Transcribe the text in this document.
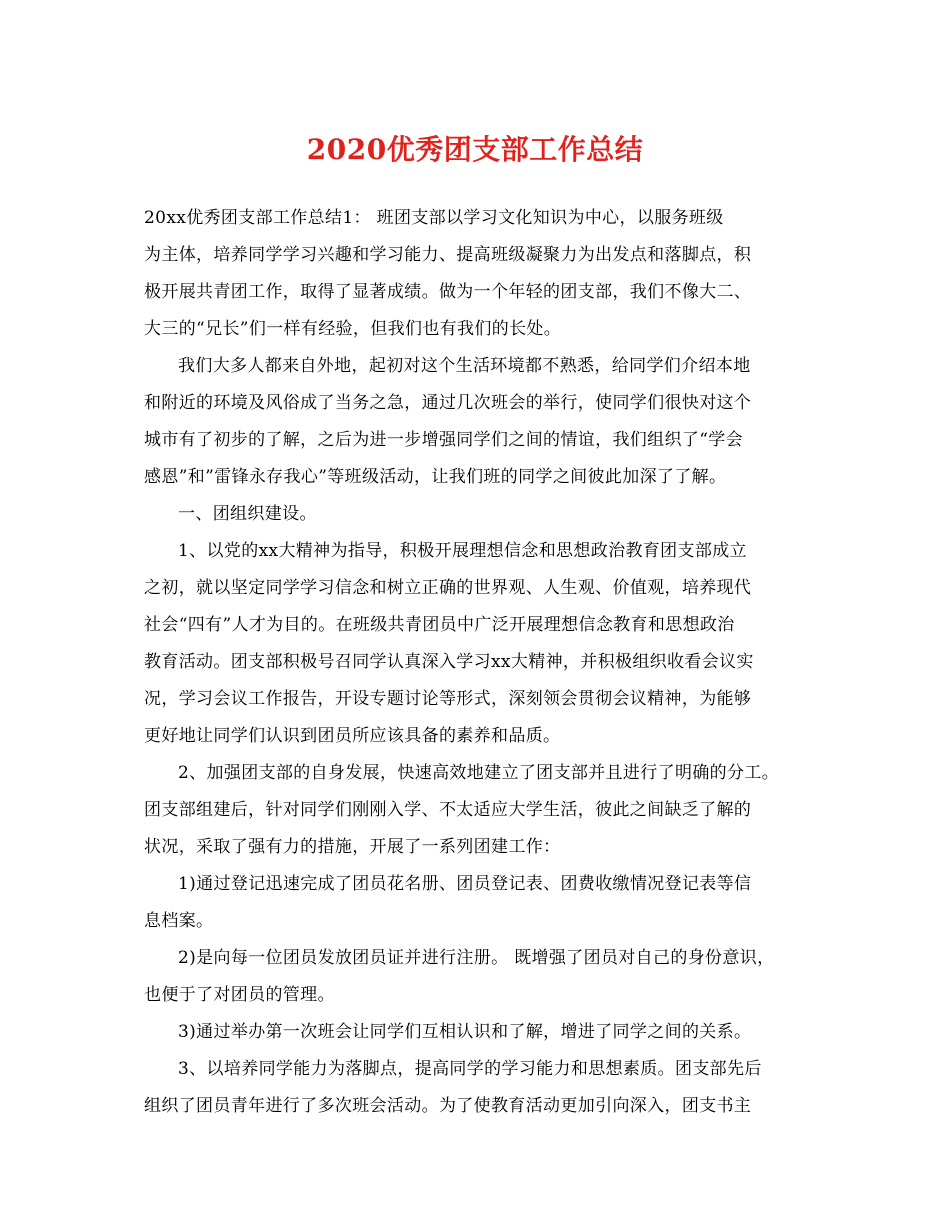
2020优秀团支部工作总结
20xx优秀团支部工作总结1： 班团支部以学习文化知识为中心，以服务班级
为主体，培养同学学习兴趣和学习能力、提高班级凝聚力为出发点和落脚点，积
极开展共青团工作，取得了显著成绩。做为一个年轻的团支部，我们不像大二、
大三的“兄长”们一样有经验，但我们也有我们的长处。
我们大多人都来自外地，起初对这个生活环境都不熟悉，给同学们介绍本地
和附近的环境及风俗成了当务之急，通过几次班会的举行，使同学们很快对这个
城市有了初步的了解，之后为进一步增强同学们之间的情谊，我们组织了“学会
感恩”和”雷锋永存我心”等班级活动，让我们班的同学之间彼此加深了了解。
一、团组织建设。
1、以党的xx大精神为指导，积极开展理想信念和思想政治教育团支部成立
之初，就以坚定同学学习信念和树立正确的世界观、人生观、价值观，培养现代
社会“四有”人才为目的。在班级共青团员中广泛开展理想信念教育和思想政治
教育活动。团支部积极号召同学认真深入学习xx大精神，并积极组织收看会议实
况，学习会议工作报告，开设专题讨论等形式，深刻领会贯彻会议精神，为能够
更好地让同学们认识到团员所应该具备的素养和品质。
2、加强团支部的自身发展，快速高效地建立了团支部并且进行了明确的分工。
团支部组建后，针对同学们刚刚入学、不太适应大学生活，彼此之间缺乏了解的
状况，采取了强有力的措施，开展了一系列团建工作：
1)通过登记迅速完成了团员花名册、团员登记表、团费收缴情况登记表等信
息档案。
2)是向每一位团员发放团员证并进行注册。 既增强了团员对自己的身份意识，
也便于了对团员的管理。
3)通过举办第一次班会让同学们互相认识和了解，增进了同学之间的关系。
3、以培养同学能力为落脚点，提高同学的学习能力和思想素质。团支部先后
组织了团员青年进行了多次班会活动。为了使教育活动更加引向深入，团支书主
